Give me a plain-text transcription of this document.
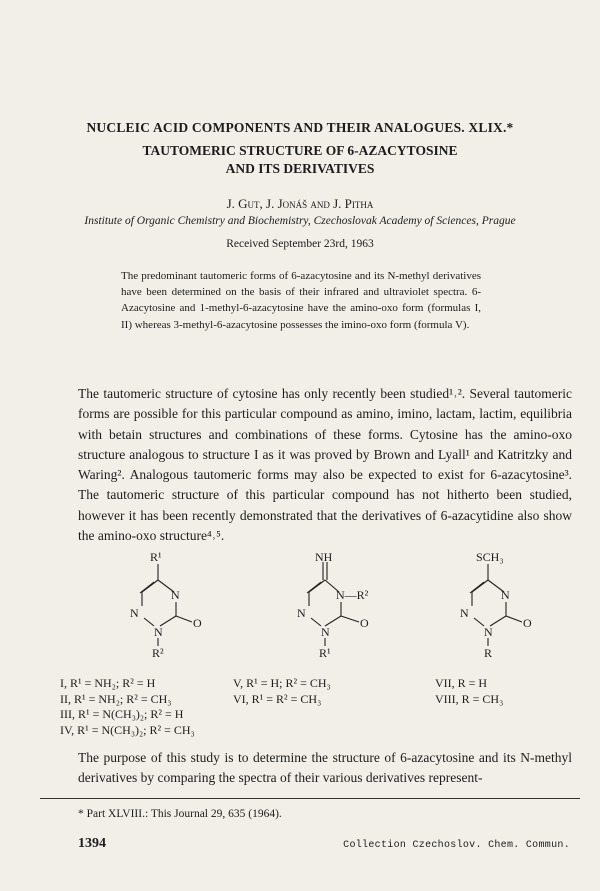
NUCLEIC ACID COMPONENTS AND THEIR ANALOGUES. XLIX.*
TAUTOMERIC STRUCTURE OF 6-AZACYTOSINE
AND ITS DERIVATIVES
J. Gut, J. Jonáš and J. Pitha
Institute of Organic Chemistry and Biochemistry, Czechoslovak Academy of Sciences, Prague
Received September 23rd, 1963
The predominant tautomeric forms of 6-azacytosine and its N-methyl derivatives have been determined on the basis of their infrared and ultraviolet spectra. 6-Azacytosine and 1-methyl-6-azacytosine have the amino-oxo form (formulas I, II) whereas 3-methyl-6-azacytosine possesses the imino-oxo form (formula V).
The tautomeric structure of cytosine has only recently been studied¹˒². Several tautomeric forms are possible for this particular compound as amino, imino, lactam, lactim, equilibria with betain structures and combinations of these forms. Cytosine has the amino-oxo structure analogous to structure I as it was proved by Brown and Lyall¹ and Katritzky and Waring². Analogous tautomeric forms may also be expected to exist for 6-azacytosine³. The tautomeric structure of this particular compound has not hitherto been studied, however it has been recently demonstrated that the derivatives of 6-azacytidine also show the amino-oxo structure⁴˒⁵.
R¹
N
N
N
O
R²
NH
N—R²
N
N
O
R¹
SCH₃
N
N
N
O
R
I, R¹ = NH₂; R² = H
II, R¹ = NH₂; R² = CH₃
III, R¹ = N(CH₃)₂; R² = H
IV, R¹ = N(CH₃)₂; R² = CH₃
V, R¹ = H; R² = CH₃
VI, R¹ = R² = CH₃
VII, R = H
VIII, R = CH₃
The purpose of this study is to determine the structure of 6-azacytosine and its N-methyl derivatives by comparing the spectra of their various derivatives represent-
* Part XLVIII.: This Journal 29, 635 (1964).
1394	Collection Czechoslov. Chem. Commun.
